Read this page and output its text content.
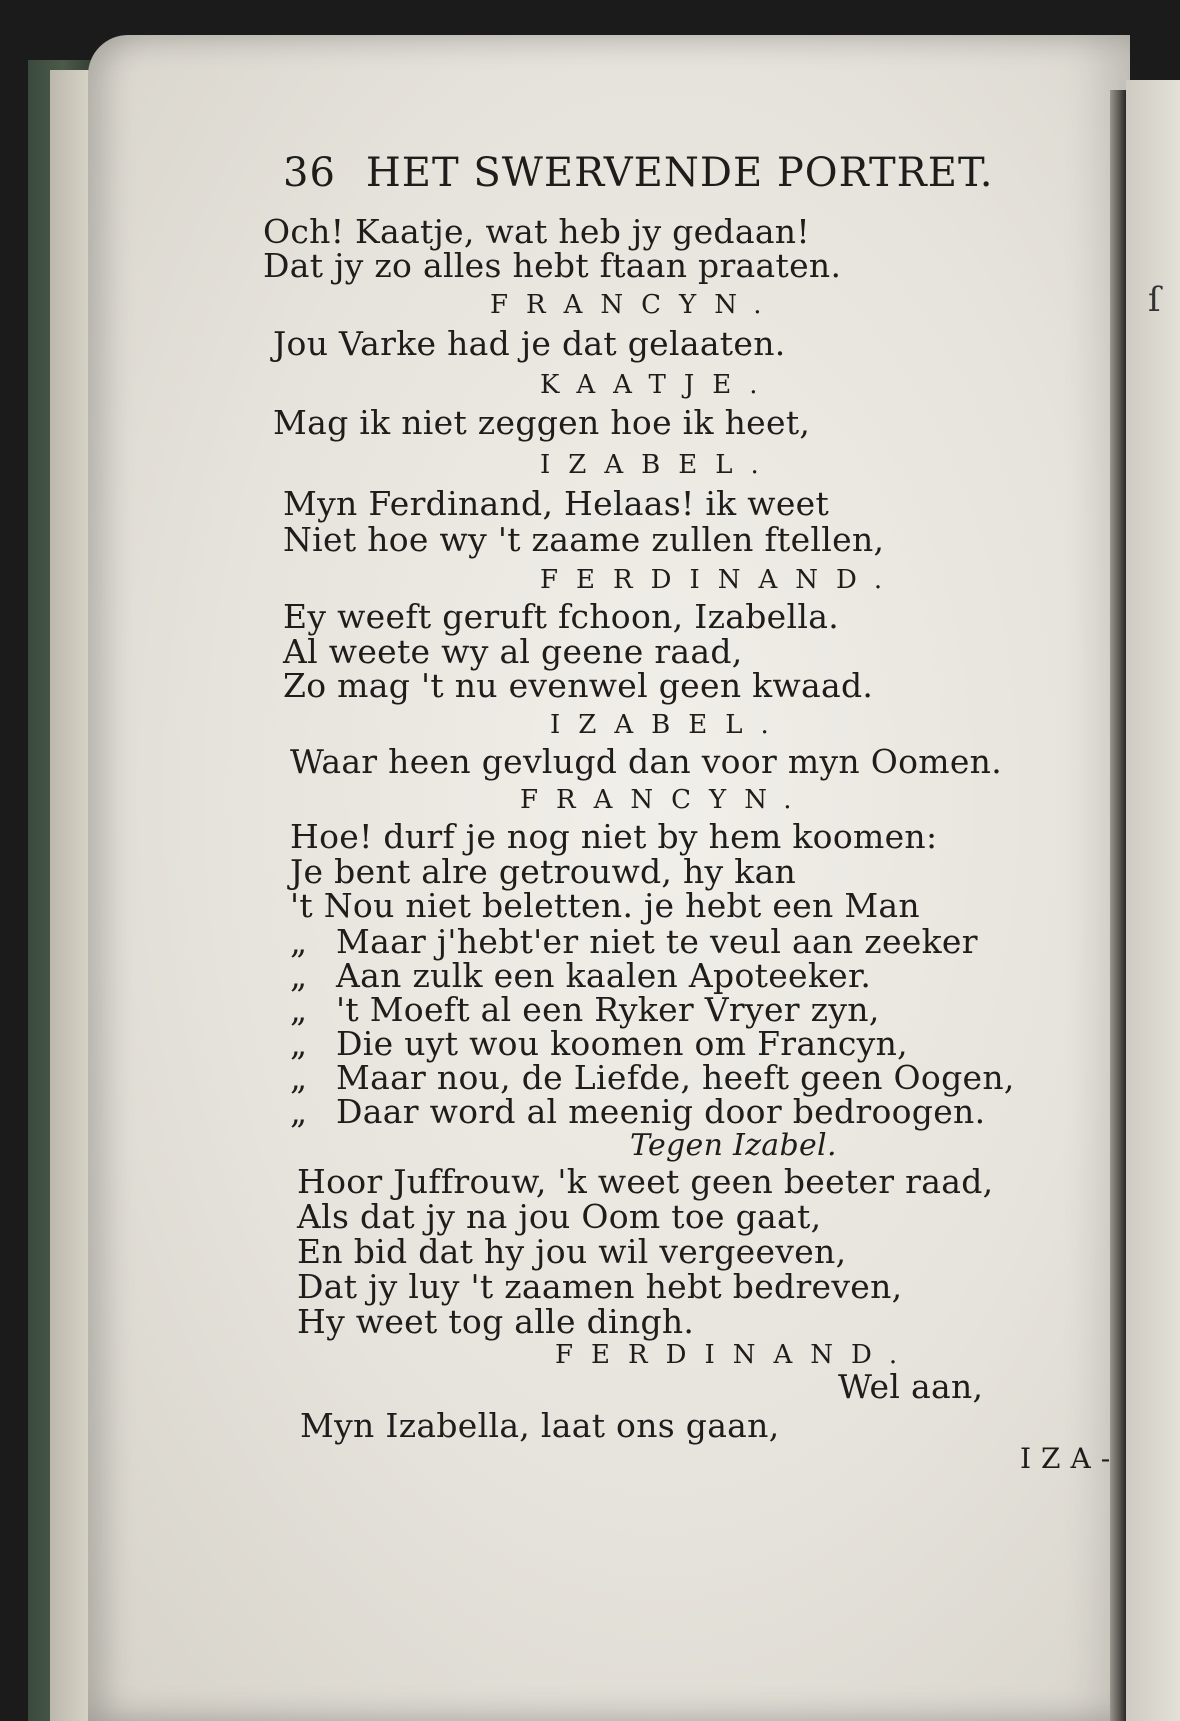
36 HET SWERVENDE PORTRET.
Och! Kaatje, wat heb jy gedaan!
Dat jy zo alles hebt ftaan praaten.
FRANCYN.
Jou Varke had je dat gelaaten.
KAATJE.
Mag ik niet zeggen hoe ik heet,
IZABEL.
Myn Ferdinand, Helaas! ik weet
Niet hoe wy 't zaame zullen ftellen,
FERDINAND.
Ey weeft geruft fchoon, Izabella.
Al weete wy al geene raad,
Zo mag 't nu evenwel geen kwaad.
IZABEL.
Waar heen gevlugd dan voor myn Oomen.
FRANCYN.
Hoe! durf je nog niet by hem koomen:
Je bent alre getrouwd, hy kan
't Nou niet beletten. je hebt een Man
„ Maar j'hebt'er niet te veul aan zeeker
„ Aan zulk een kaalen Apoteeker.
„ 't Moeft al een Ryker Vryer zyn,
„ Die uyt wou koomen om Francyn,
„ Maar nou, de Liefde, heeft geen Oogen,
„ Daar word al meenig door bedroogen.
Tegen Izabel.
Hoor Juffrouw, 'k weet geen beeter raad,
Als dat jy na jou Oom toe gaat,
En bid dat hy jou wil vergeeven,
Dat jy luy 't zaamen hebt bedreven,
Hy weet tog alle dingh.
FERDINAND.
Wel aan,
Myn Izabella, laat ons gaan,
IZA-
ſ
